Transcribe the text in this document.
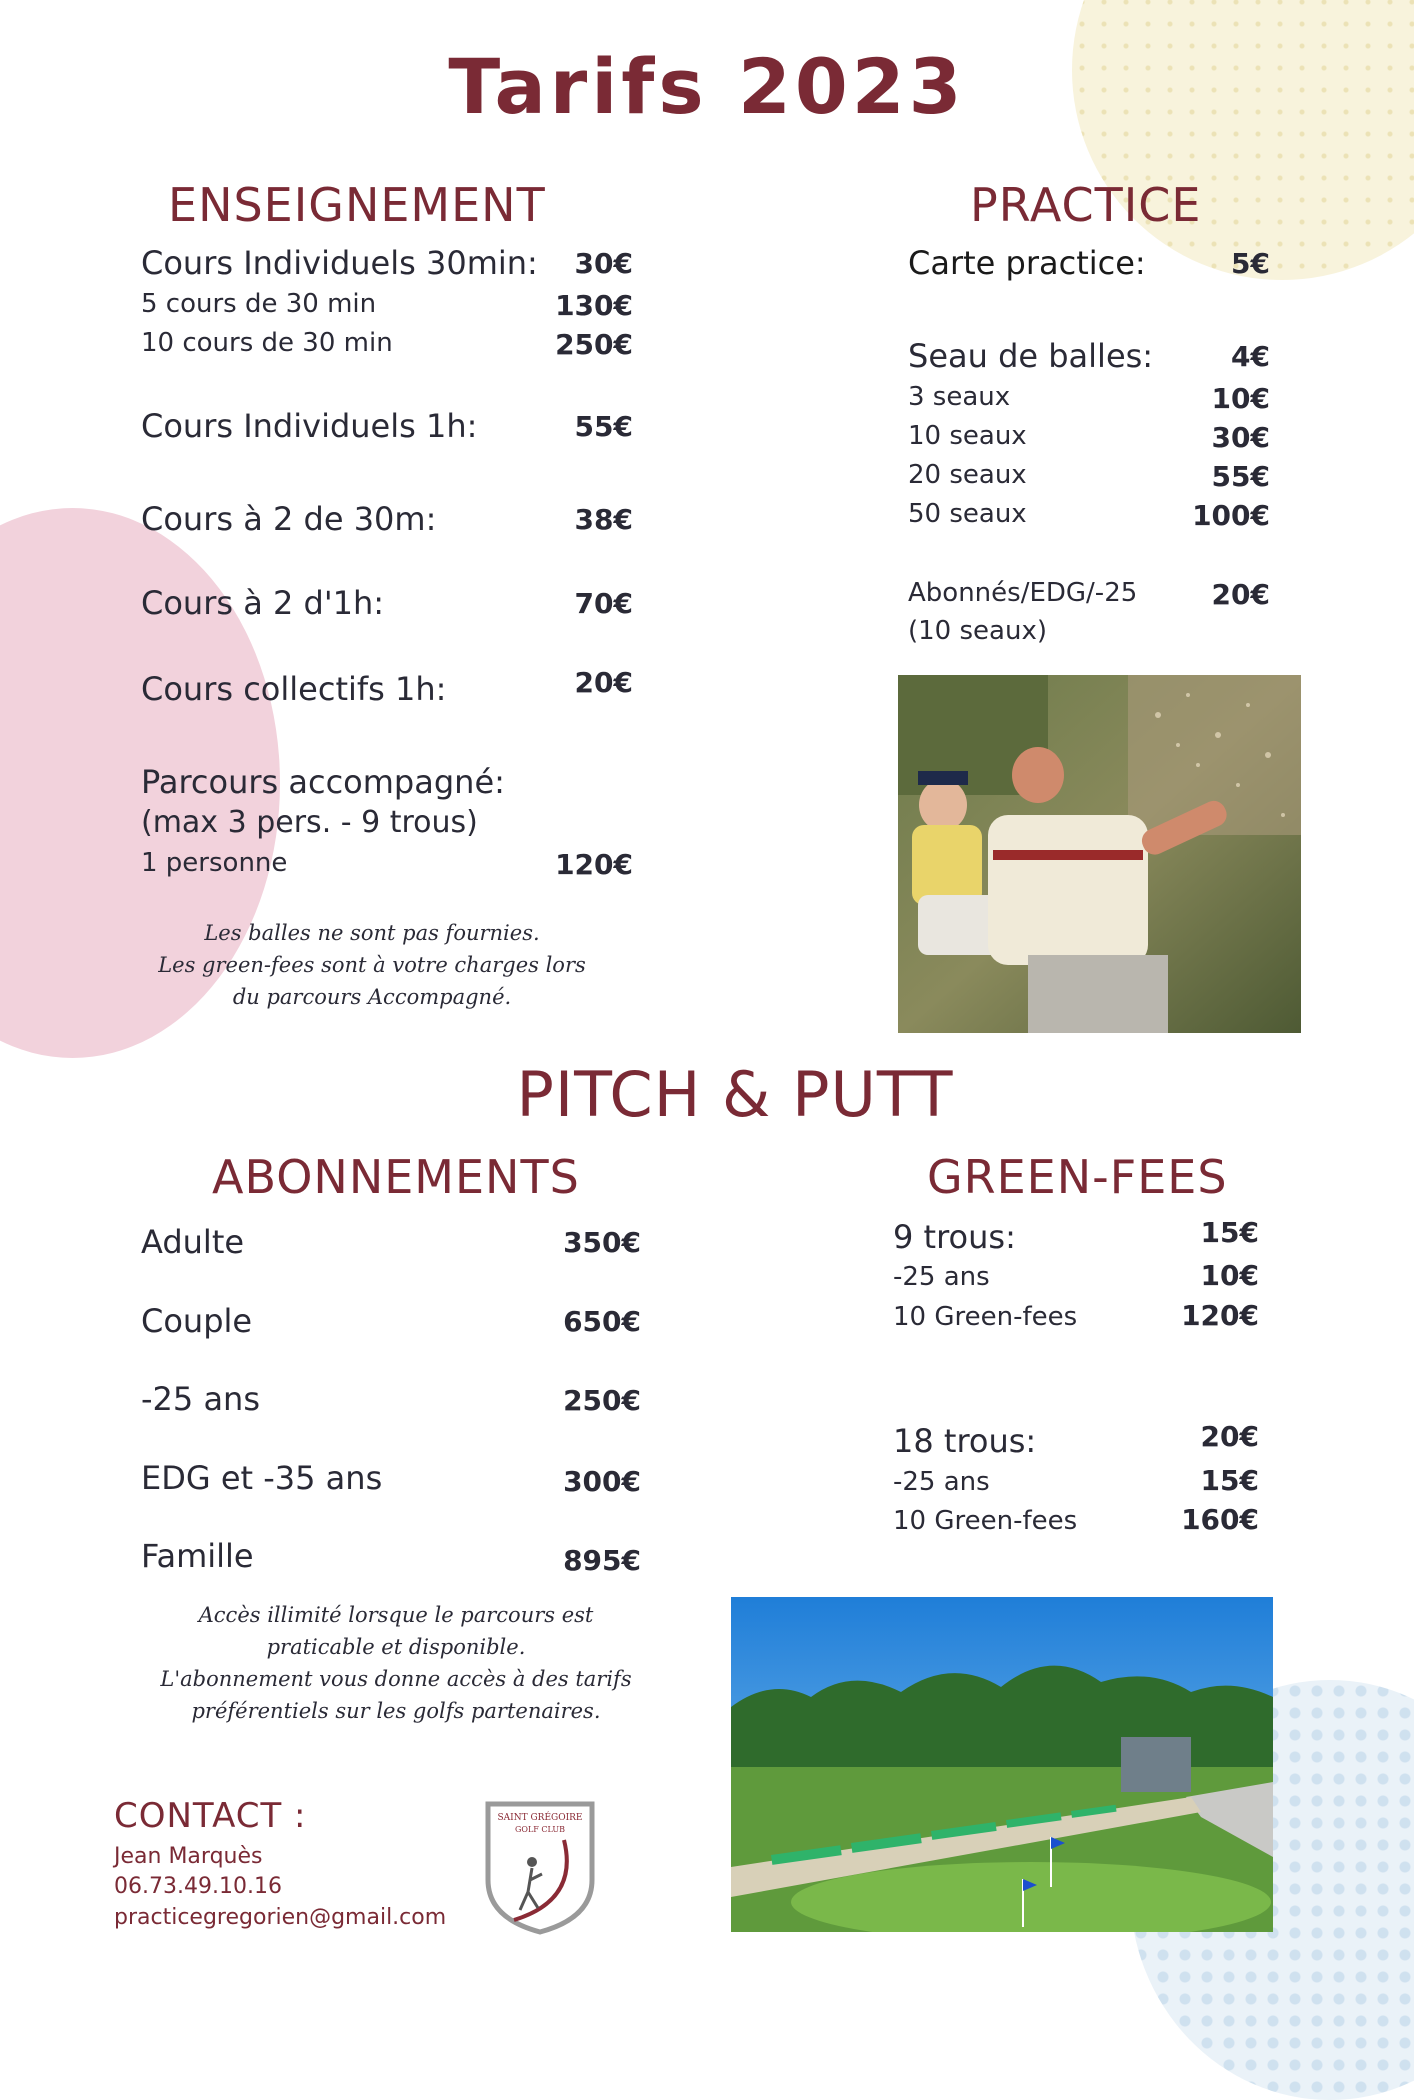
Tarifs 2023
ENSEIGNEMENT
Cours Individuels 30min: 30€
5 cours de 30 min	130€
10 cours de 30 min	250€
Cours Individuels 1h:	55€
Cours à 2 de 30m:	38€
Cours à 2 d'1h:	70€
Cours collectifs 1h:	20€
Parcours accompagné:
(max 3 pers. - 9 trous)
1 personne	120€
Les balles ne sont pas fournies.
Les green-fees sont à votre charges lors
du parcours Accompagné.
PRACTICE
Carte practice:	5€
Seau de balles:	4€
3 seaux	10€
10 seaux	30€
20 seaux	55€
50 seaux	100€
Abonnés/EDG/-25	20€
(10 seaux)
PITCH & PUTT
ABONNEMENTS
Adulte	350€
Couple	650€
-25 ans	250€
EDG et -35 ans	300€
Famille	895€
Accès illimité lorsque le parcours est
praticable et disponible.
L'abonnement vous donne accès à des tarifs
préférentiels sur les golfs partenaires.
GREEN-FEES
9 trous:	15€
-25 ans	10€
10 Green-fees	120€
18 trous:	20€
-25 ans	15€
10 Green-fees	160€
CONTACT :
Jean Marquès
06.73.49.10.16
practicegregorien@gmail.com
SAINT GRÉGOIRE
GOLF CLUB
